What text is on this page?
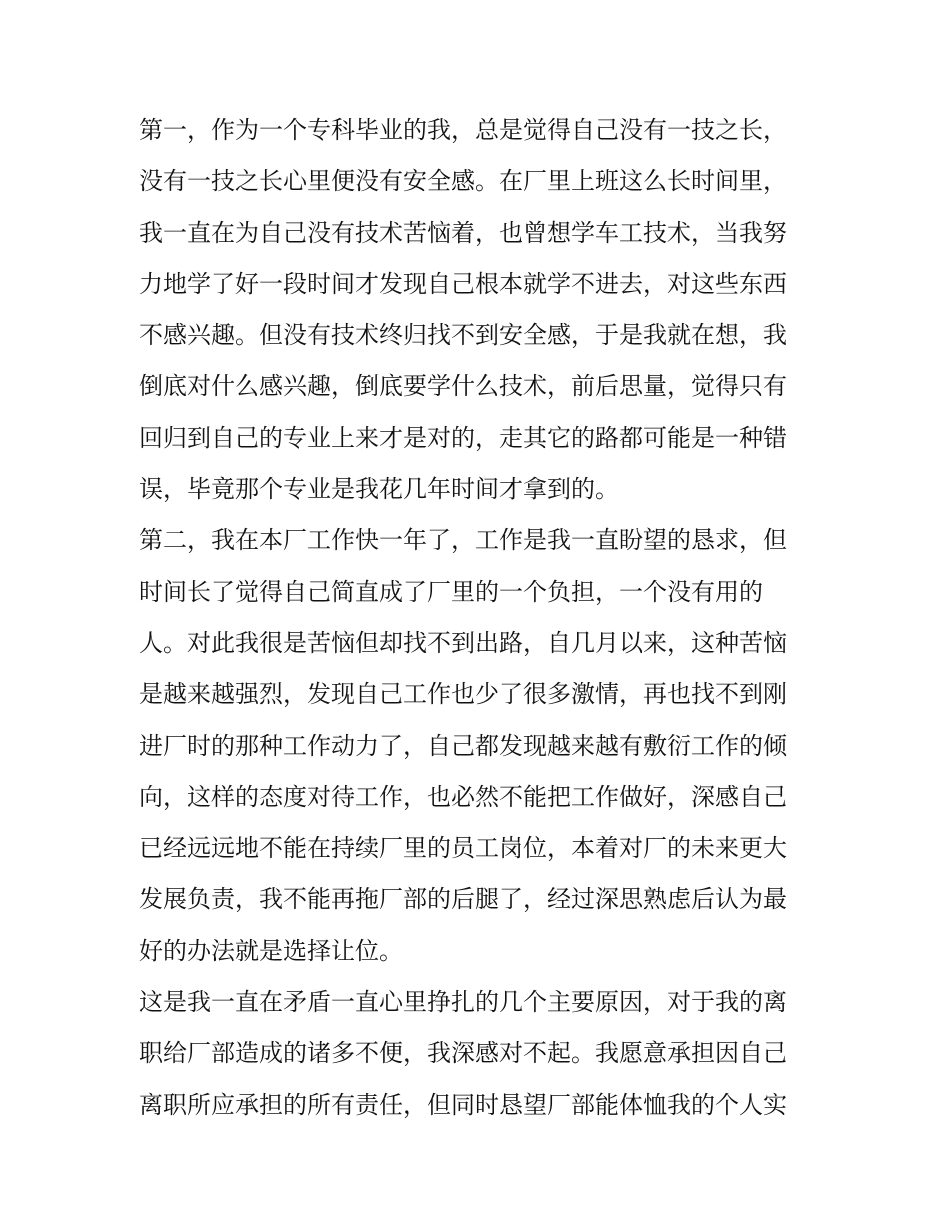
第一，作为一个专科毕业的我，总是觉得自己没有一技之长，
没有一技之长心里便没有安全感。在厂里上班这么长时间里，
我一直在为自己没有技术苦恼着，也曾想学车工技术，当我努
力地学了好一段时间才发现自己根本就学不进去，对这些东西
不感兴趣。但没有技术终归找不到安全感，于是我就在想，我
倒底对什么感兴趣，倒底要学什么技术，前后思量，觉得只有
回归到自己的专业上来才是对的，走其它的路都可能是一种错
误，毕竟那个专业是我花几年时间才拿到的。
第二，我在本厂工作快一年了，工作是我一直盼望的恳求，但
时间长了觉得自己简直成了厂里的一个负担，一个没有用的
人。对此我很是苦恼但却找不到出路，自几月以来，这种苦恼
是越来越强烈，发现自己工作也少了很多激情，再也找不到刚
进厂时的那种工作动力了，自己都发现越来越有敷衍工作的倾
向，这样的态度对待工作，也必然不能把工作做好，深感自己
已经远远地不能在持续厂里的员工岗位，本着对厂的未来更大
发展负责，我不能再拖厂部的后腿了，经过深思熟虑后认为最
好的办法就是选择让位。
这是我一直在矛盾一直心里挣扎的几个主要原因，对于我的离
职给厂部造成的诸多不便，我深感对不起。我愿意承担因自己
离职所应承担的所有责任，但同时恳望厂部能体恤我的个人实
